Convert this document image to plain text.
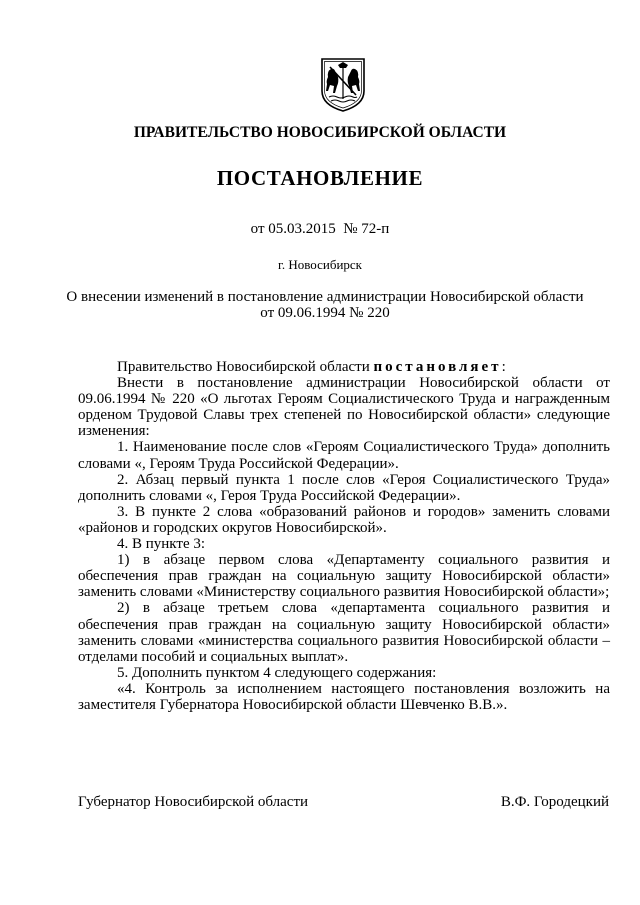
ПРАВИТЕЛЬСТВО НОВОСИБИРСКОЙ ОБЛАСТИ
ПОСТАНОВЛЕНИЕ
от 05.03.2015  № 72-п
г. Новосибирск
О внесении изменений в постановление администрации Новосибирской области
от 09.06.1994 № 220

Правительство Новосибирской области постановляет:

Внести в постановление администрации Новосибирской области от 09.06.1994 № 220 «О льготах Героям Социалистического Труда и награжденным орденом Трудовой Славы трех степеней по Новосибирской области» следующие изменения:

1. Наименование после слов «Героям Социалистического Труда» дополнить словами «, Героям Труда Российской Федерации».

2. Абзац первый пункта 1 после слов «Героя Социалистического Труда» дополнить словами «, Героя Труда Российской Федерации».

3. В пункте 2 слова «образований районов и городов» заменить словами «районов и городских округов Новосибирской».

4. В пункте 3:

1) в абзаце первом слова «Департаменту социального развития и обеспечения прав граждан на социальную защиту Новосибирской области» заменить словами «Министерству социального развития Новосибирской области»;

2) в абзаце третьем слова «департамента социального развития и обеспечения прав граждан на социальную защиту Новосибирской области» заменить словами «министерства социального развития Новосибирской области – отделами пособий и социальных выплат».

5. Дополнить пунктом 4 следующего содержания:

«4. Контроль за исполнением настоящего постановления возложить на заместителя Губернатора Новосибирской области Шевченко В.В.».

Губернатор Новосибирской области	В.Ф. Городецкий
